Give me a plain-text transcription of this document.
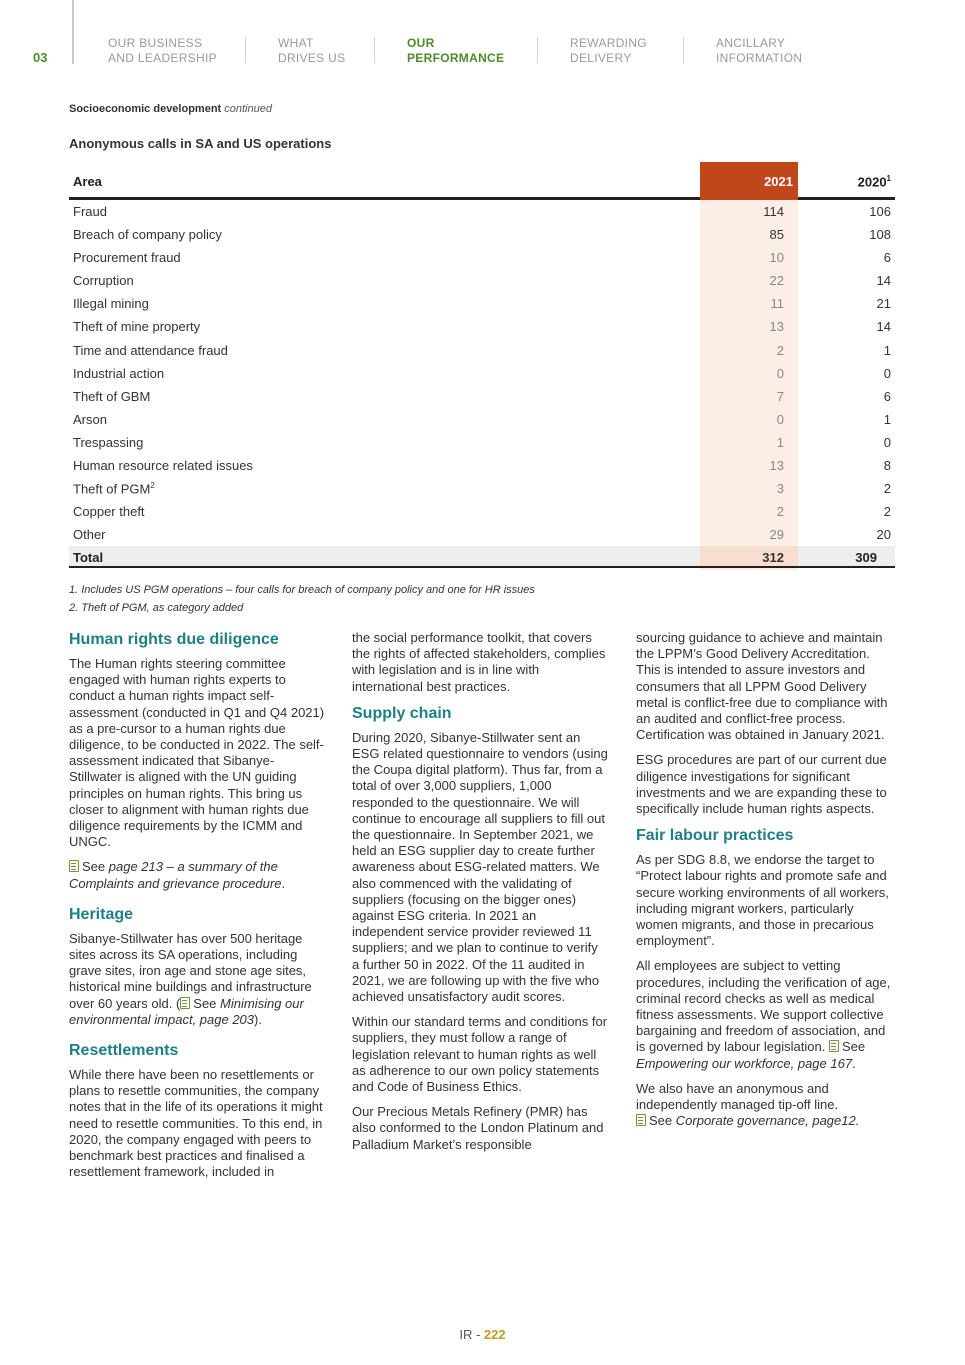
03
OUR BUSINESS
AND LEADERSHIP
WHAT
DRIVES US
OUR
PERFORMANCE
REWARDING
DELIVERY
ANCILLARY
INFORMATION
Socioeconomic development continued
Anonymous calls in SA and US operations
Area	2021	2020$^1$
Fraud	114	106
Breach of company policy	85	108
Procurement fraud	10	6
Corruption	22	14
Illegal mining	11	21
Theft of mine property	13	14
Time and attendance fraud	2	1
Industrial action	0	0
Theft of GBM	7	6
Arson	0	1
Trespassing	1	0
Human resource related issues	13	8
Theft of PGM$^2$	3	2
Copper theft	2	2
Other	29	20
Total	312	309
1. Includes US PGM operations – four calls for breach of company policy and one for HR issues
2. Theft of PGM, as category added
Human rights due diligence

The Human rights steering committee engaged with human rights experts to conduct a human rights impact self-assessment (conducted in Q1 and Q4 2021) as a pre-cursor to a human rights due diligence, to be conducted in 2022. The self-assessment indicated that Sibanye-Stillwater is aligned with the UN guiding principles on human rights. This bring us closer to alignment with human rights due diligence requirements by the ICMM and UNGC.

See page 213 – a summary of the Complaints and grievance procedure.

Heritage

Sibanye-Stillwater has over 500 heritage sites across its SA operations, including grave sites, iron age and stone age sites, historical mine buildings and infrastructure over 60 years old. ( See Minimising our environmental impact, page 203).

Resettlements

While there have been no resettlements or plans to resettle communities, the company notes that in the life of its operations it might need to resettle communities. To this end, in 2020, the company engaged with peers to benchmark best practices and finalised a resettlement framework, included in

the social performance toolkit, that covers the rights of affected stakeholders, complies with legislation and is in line with international best practices.

Supply chain

During 2020, Sibanye-Stillwater sent an ESG related questionnaire to vendors (using the Coupa digital platform). Thus far, from a total of over 3,000 suppliers, 1,000 responded to the questionnaire. We will continue to encourage all suppliers to fill out the questionnaire. In September 2021, we held an ESG supplier day to create further awareness about ESG-related matters. We also commenced with the validating of suppliers (focusing on the bigger ones) against ESG criteria. In 2021 an independent service provider reviewed 11 suppliers; and we plan to continue to verify a further 50 in 2022. Of the 11 audited in 2021, we are following up with the five who achieved unsatisfactory audit scores.

Within our standard terms and conditions for suppliers, they must follow a range of legislation relevant to human rights as well as adherence to our own policy statements and Code of Business Ethics.

Our Precious Metals Refinery (PMR) has also conformed to the London Platinum and Palladium Market’s responsible

sourcing guidance to achieve and maintain the LPPM’s Good Delivery Accreditation. This is intended to assure investors and consumers that all LPPM Good Delivery metal is conflict-free due to compliance with an audited and conflict-free process. Certification was obtained in January 2021.

ESG procedures are part of our current due diligence investigations for significant investments and we are expanding these to specifically include human rights aspects.

Fair labour practices

As per SDG 8.8, we endorse the target to “Protect labour rights and promote safe and secure working environments of all workers, including migrant workers, particularly women migrants, and those in precarious employment”.

All employees are subject to vetting procedures, including the verification of age, criminal record checks as well as medical fitness assessments. We support collective bargaining and freedom of association, and is governed by labour legislation. See Empowering our workforce, page 167.

We also have an anonymous and independently managed tip-off line.
See Corporate governance, page12.

IR - 222
